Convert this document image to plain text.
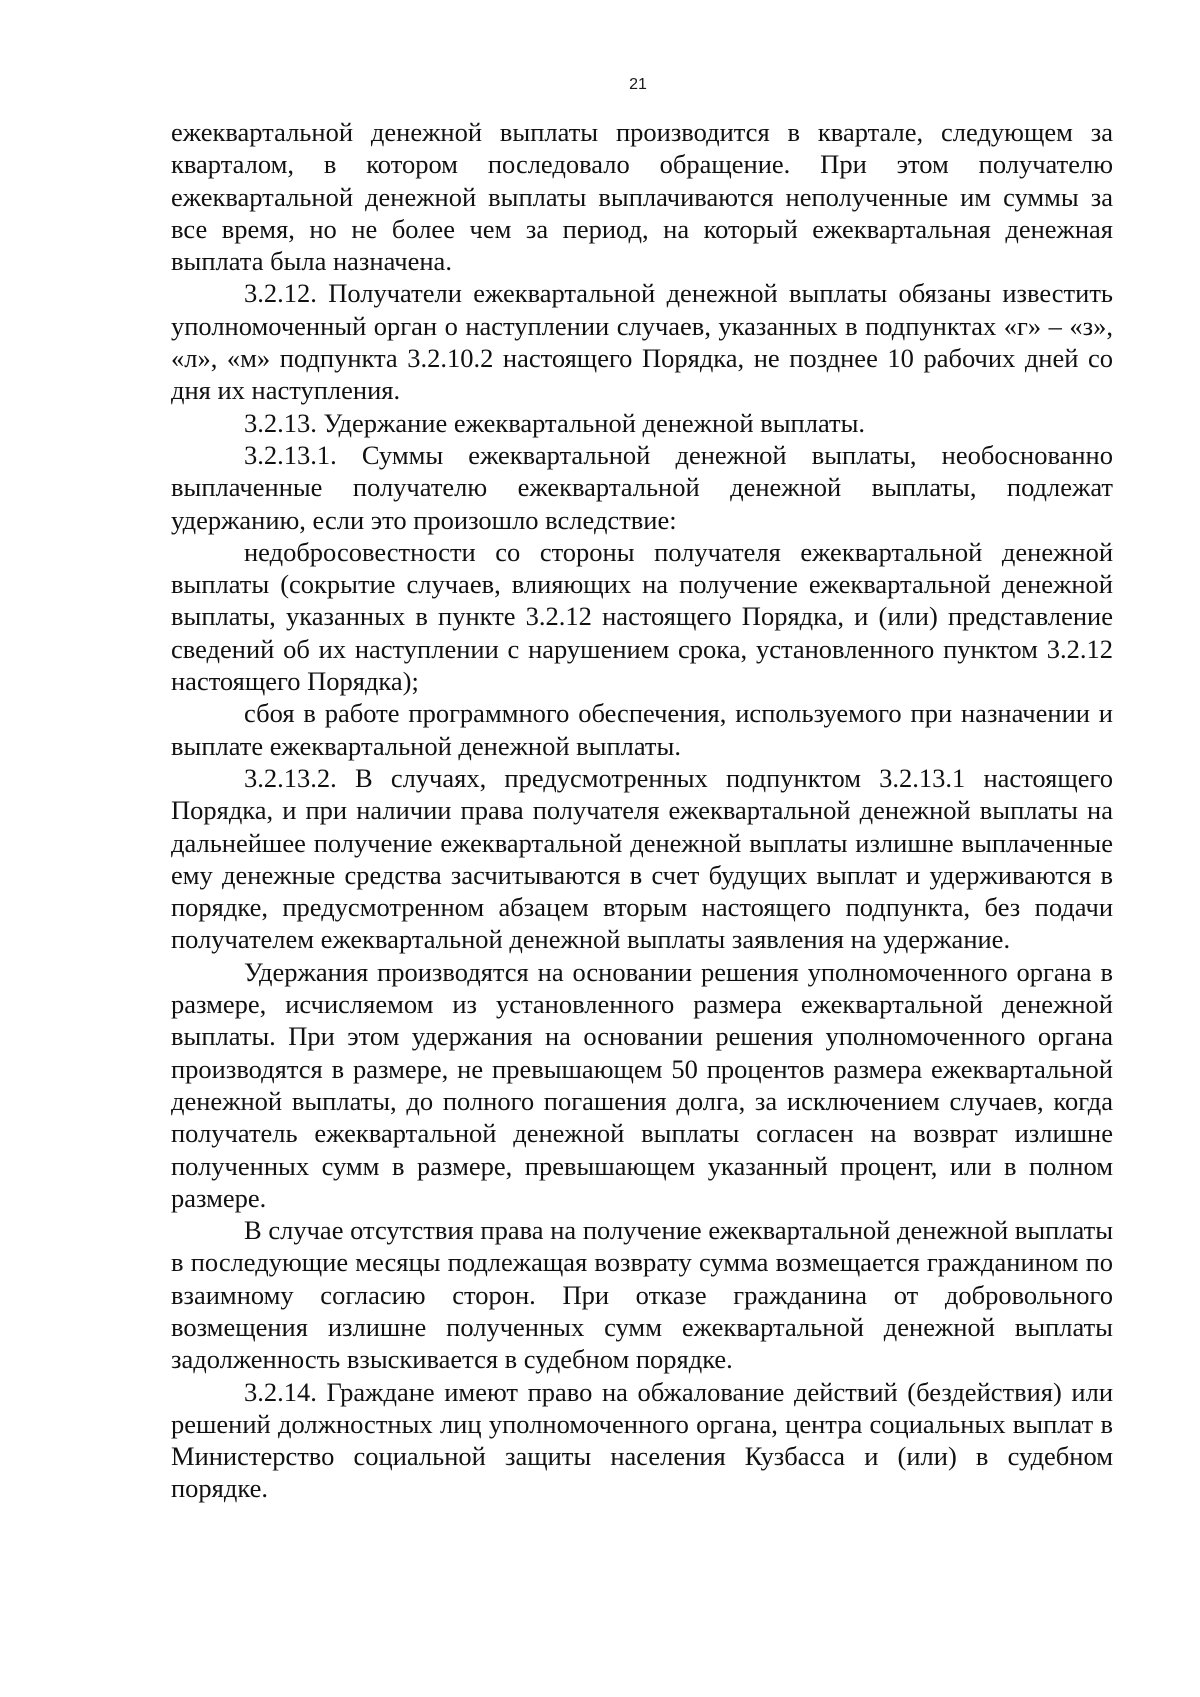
21

ежеквартальной денежной выплаты производится в квартале, следующем за кварталом, в котором последовало обращение. При этом получателю ежеквартальной денежной выплаты выплачиваются неполученные им суммы за все время, но не более чем за период, на который ежеквартальная денежная выплата была назначена.

3.2.12. Получатели ежеквартальной денежной выплаты обязаны известить уполномоченный орган о наступлении случаев, указанных в подпунктах «г» – «з», «л», «м» подпункта 3.2.10.2 настоящего Порядка, не позднее 10 рабочих дней со дня их наступления.

3.2.13. Удержание ежеквартальной денежной выплаты.

3.2.13.1. Суммы ежеквартальной денежной выплаты, необоснованно выплаченные получателю ежеквартальной денежной выплаты, подлежат удержанию, если это произошло вследствие:

недобросовестности со стороны получателя ежеквартальной денежной выплаты (сокрытие случаев, влияющих на получение ежеквартальной денежной выплаты, указанных в пункте 3.2.12 настоящего Порядка, и (или) представление сведений об их наступлении с нарушением срока, установленного пунктом 3.2.12 настоящего Порядка);

сбоя в работе программного обеспечения, используемого при назначении и выплате ежеквартальной денежной выплаты.

3.2.13.2. В случаях, предусмотренных подпунктом 3.2.13.1 настоящего Порядка, и при наличии права получателя ежеквартальной денежной выплаты на дальнейшее получение ежеквартальной денежной выплаты излишне выплаченные ему денежные средства засчитываются в счет будущих выплат и удерживаются в порядке, предусмотренном абзацем вторым настоящего подпункта, без подачи получателем ежеквартальной денежной выплаты заявления на удержание.

Удержания производятся на основании решения уполномоченного органа в размере, исчисляемом из установленного размера ежеквартальной денежной выплаты. При этом удержания на основании решения уполномоченного органа производятся в размере, не превышающем 50 процентов размера ежеквартальной денежной выплаты, до полного погашения долга, за исключением случаев, когда получатель ежеквартальной денежной выплаты согласен на возврат излишне полученных сумм в размере, превышающем указанный процент, или в полном размере.

В случае отсутствия права на получение ежеквартальной денежной выплаты в последующие месяцы подлежащая возврату сумма возмещается гражданином по взаимному согласию сторон. При отказе гражданина от добровольного возмещения излишне полученных сумм ежеквартальной денежной выплаты задолженность взыскивается в судебном порядке.

3.2.14. Граждане имеют право на обжалование действий (бездействия) или решений должностных лиц уполномоченного органа, центра социальных выплат в Министерство социальной защиты населения Кузбасса и (или) в судебном порядке.
